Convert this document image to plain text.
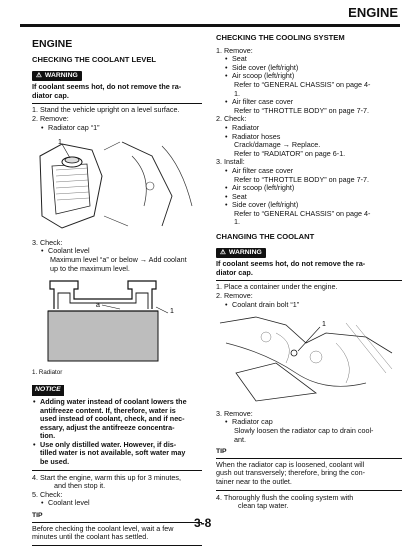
ENGINE
ENGINE
CHECKING THE COOLANT LEVEL
⚠ WARNING
If coolant seems hot, do not remove the ra-
diator cap.
1. Stand the vehicle upright on a level surface.
2. Remove:
• Radiator cap “1”
1
3. Check:
• Coolant level
Maximum level “a” or below → Add coolant
up to the maximum level.
a
1
1. Radiator
NOTICE
• Adding water instead of coolant lowers the
antifreeze content. If, therefore, water is
used instead of coolant, check, and if nec-
essary, adjust the antifreeze concentra-
tion.
• Use only distilled water. However, if dis-
tilled water is not available, soft water may
be used.
4. Start the engine, warm this up for 3 minutes,
and then stop it.
5. Check:
• Coolant level
TIP
Before checking the coolant level, wait a few
minutes until the coolant has settled.
CHECKING THE COOLING SYSTEM
1. Remove:
• Seat
• Side cover (left/right)
• Air scoop (left/right)
Refer to “GENERAL CHASSIS” on page 4-
1.
• Air filter case cover
Refer to “THROTTLE BODY” on page 7-7.
2. Check:
• Radiator
• Radiator hoses
Crack/damage → Replace.
Refer to “RADIATOR” on page 6-1.
3. Install:
• Air filter case cover
Refer to “THROTTLE BODY” on page 7-7.
• Air scoop (left/right)
• Seat
• Side cover (left/right)
Refer to “GENERAL CHASSIS” on page 4-
1.
CHANGING THE COOLANT
⚠ WARNING
If coolant seems hot, do not remove the ra-
diator cap.
1. Place a container under the engine.
2. Remove:
• Coolant drain bolt “1”
1
3. Remove:
• Radiator cap
Slowly loosen the radiator cap to drain cool-
ant.
TIP
When the radiator cap is loosened, coolant will
gush out transversely; therefore, bring the con-
tainer near to the outlet.
4. Thoroughly flush the cooling system with
clean tap water.
3-8
